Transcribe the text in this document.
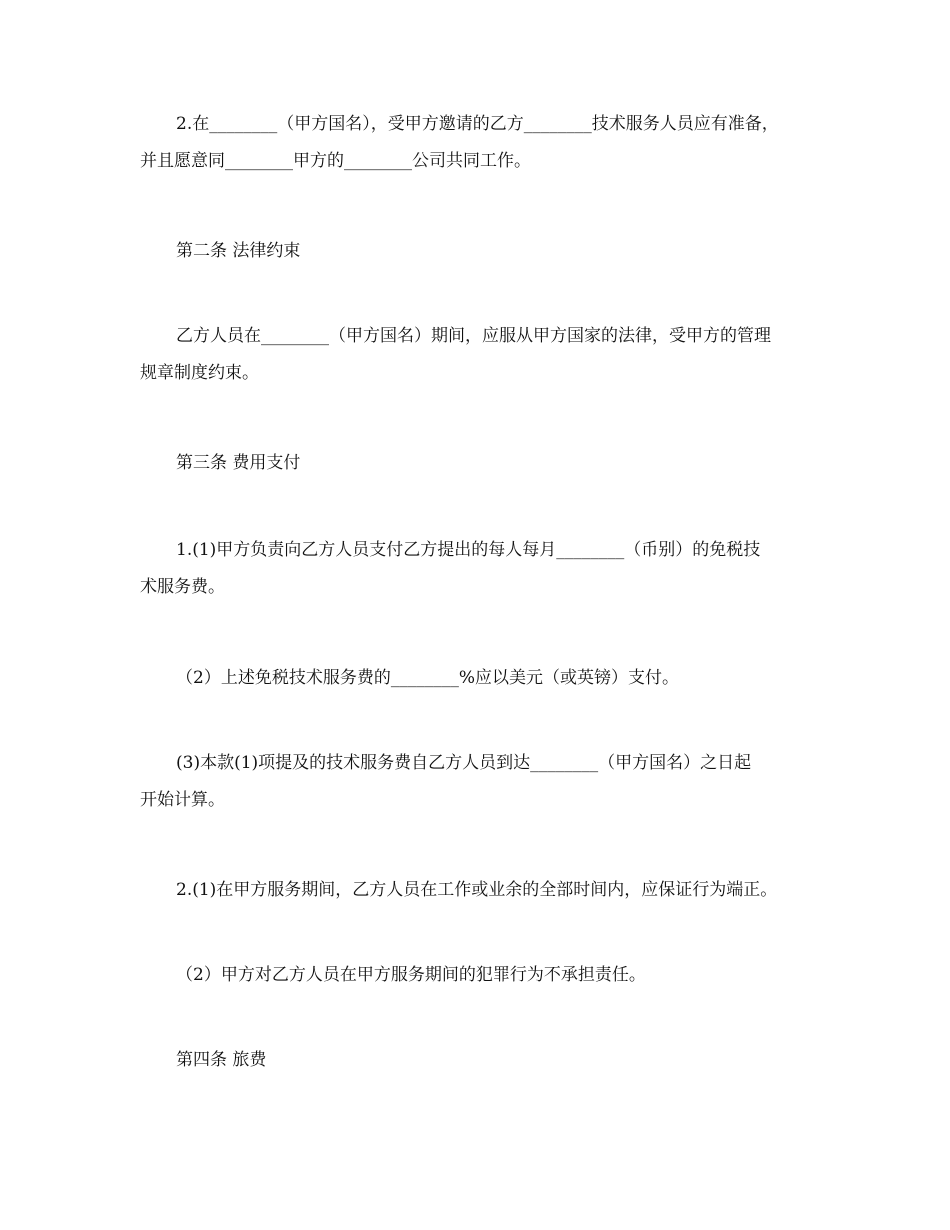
2.在________（甲方国名），受甲方邀请的乙方________技术服务人员应有准备，
并且愿意同________甲方的________公司共同工作。
第二条 法律约束
乙方人员在________（甲方国名）期间，应服从甲方国家的法律，受甲方的管理
规章制度约束。
第三条 费用支付
1.(1)甲方负责向乙方人员支付乙方提出的每人每月________（币别）的免税技
术服务费。
（2）上述免税技术服务费的________%应以美元（或英镑）支付。
(3)本款(1)项提及的技术服务费自乙方人员到达________（甲方国名）之日起
开始计算。
2.(1)在甲方服务期间，乙方人员在工作或业余的全部时间内，应保证行为端正。
（2）甲方对乙方人员在甲方服务期间的犯罪行为不承担责任。
第四条 旅费
